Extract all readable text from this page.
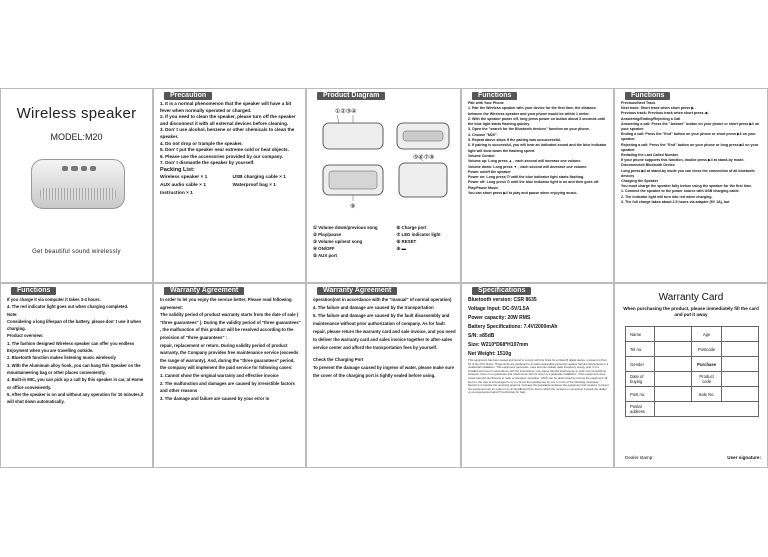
Wireless speaker
MODEL:M20
Get beautiful sound wirelessly
Precaution

1. It is a normal phenomenon that the speaker will have a bit fever when normally operated or charged.

2. If you need to clean the speaker, please turn off the speaker and disconnect it with all external devices before cleaning.

3. Don' t use alcohol, benzene or other chemicals to clean the speaker.

4. Do not drop or trample the speaker.

5. Don' t put the speaker near extreme cold or heat objects.

6. Please use the accessories provided by our company.

7. Don' t dismantle the speaker by yourself.

Packing List:

Wireless speaker × 1	USB charging cable × 1
AUX audio cable × 1	Waterproof bag × 1
Instruction × 1
Product Diagram
①②③④
⑤⑥⑦⑧
⑨
① Volume down/previous song	⑥ Charge port
② Play/pause	⑦ LED indicator light
③ Volume up/next song	⑧ RESET
④ ON/OFF	⑨ ▬
⑤ AUX port
Functions

Pair with Your Phone

1. Pair the Wireless speaker with your device for the first time, the distance between the Wireless speaker and your phone would be within 1 meter.

2. With the speaker power off, long press power on button about 3 seconds until the blue light starts flashing quickly.

3. Open the "search for the Bluetooth devices" function on your phone.

4. Choose "M20".

5. Repeat above steps if the pairing was unsuccessful.

6. If pairing is successful, you will hear an indicated sound and the blue indicator light will slow down the flashing speed.

Volume Control

Volume up: Long press ▲ , each second will increase one volume.

Volume down: Long press ▼ , each second will decrease one volume.

Power on/off the speaker

Power on: Long press ⏻ until the blue indicator light starts flashing.

Power off: Long press ⏻ until the blue indicator light is on and then goes off.

Play/Pause Music

You can short press ▶‖ to play and pause when enjoying music.

Functions

Previous/Next Track

Next track: Short track when short press ▶ .

Previous track: Previous track when short press ◀ .

Answering/Ending/Rejecting a Call

Answering a call: Press the "Answer" button on your phone or short press ▶‖ on your speaker.

Ending a call: Press the "End" button on your phone or short press ▶‖ on your speaker.

Rejecting a call: Press the "End" button on your phone or long press ▶‖ on your speaker.

Redialing the Last Called Number

If your phone supports this function, double press ▶‖ at stand-by mode.

Disconnected Bluetooth Device

Long press ▶‖ at stand-by mode you can close the connection of all bluetooth devices

Charging the Speaker

You must charge the speaker fully before using the speaker for the first time.

1. Connect the speaker to the power source with USB charging cable.

2. The indicator light will turn into red when charging.

3. The full charge takes about 2.5 hours via adapter (5V 1A), but

Functions

If you charge it via computer it takes 3-4 hours.

4. The red indicator light goes out when charging completed.

Note:

Considering a long lifespan of the battery, please don' t use it when charging.

Product overview:

1. The fashion designed Wireless speaker can offer you endless Enjoyment when you are travelling outside.

2. Bluetooth function makes listening music wirelessly

3. With the Aluminum alloy hook, you can hang this Speaker on the mountaineering bag or other places conveniently.

4. Built-in MIC, you can pick up a call by this speaker in car, at Home or office conveniently.

5. After the speaker is on and without any operation for 10 minutes,it will shut down automatically.

Warranty Agreement

In order to let you enjoy the service better, Please read following agreement:

The validity period of product warranty starts from the date of sale ( "three guarantees" ). During the validity period of "three guarantees" , the malfunction of this product will be resolved according to the provision of "three guarantees" :

repair, replacement or return. During validity period of product warranty, the Company provides free maintenance service (exceeds the range of warranty). And, during the "three guarantees" period, the company will implement the paid service for following cases:

1. Cannot show the original warranty and effective invoice

2. The malfunction and damages are caused by irresistible factors and other reasons

3. The damage and failure are caused by your error in

Warranty Agreement

operation(not in accordance with the "manual" of normal operation)

4. The failure and damage are caused by the transportation

5. The failure and damage are caused by the fault disassembly and maintenance without prior authorization of company. As for fault repair, please return the warranty card and sale invoice, and you need to deliver the warranty card and sales invoice together to after-sales service center and afford the transportation fees by yourself.

Check the Charging Port

To prevent the damage caused by ingress of water, please make sure the cover of the charging port is tightly sealed before using.

Specifications

Bluetooth version: CSR 8635

Voltage Input: DC-5V/1.5A

Power capacity: 20W RMS

Battery Specifications: 7.4V/2000mAh

S/N: ≥85dB

Size: W210*D68*H107mm

Net Weight: 1510g

This equipment has been tested and found to comply with the limits for a Class B digital device, pursuant to Part 15 of the FCC Rules. These limits are designed to provide reasonable protection against harmful interference in a residential installation. This equipment generates, uses and can radiate radio frequency energy and, if not installed and used in accordance with the instructions, may cause harmful interference to radio communications. However, there is no guarantee that interference will not occur in a particular installation. If this equipment does cause harmful interference to radio or television reception, which can be determined by turning the equipment off and on, the user is encouraged to try to correct the interference by one or more of the following measures: Reorient or relocate the receiving antenna. Increase the separation between the equipment and receiver. Connect the equipment into an outlet on a circuit different from that to which the receiver is connected. Consult the dealer or an experienced radio/TV technician for help.

Warranty Card
When purchasing the product, please immediately fill the card and put it away
Name		Age	
Tel no.		Postcode	
Gender		Purchase	
Date of buying		Product code	
Post no.		Sale No.	
Postal address			
Dealer stamp:	User signature:
